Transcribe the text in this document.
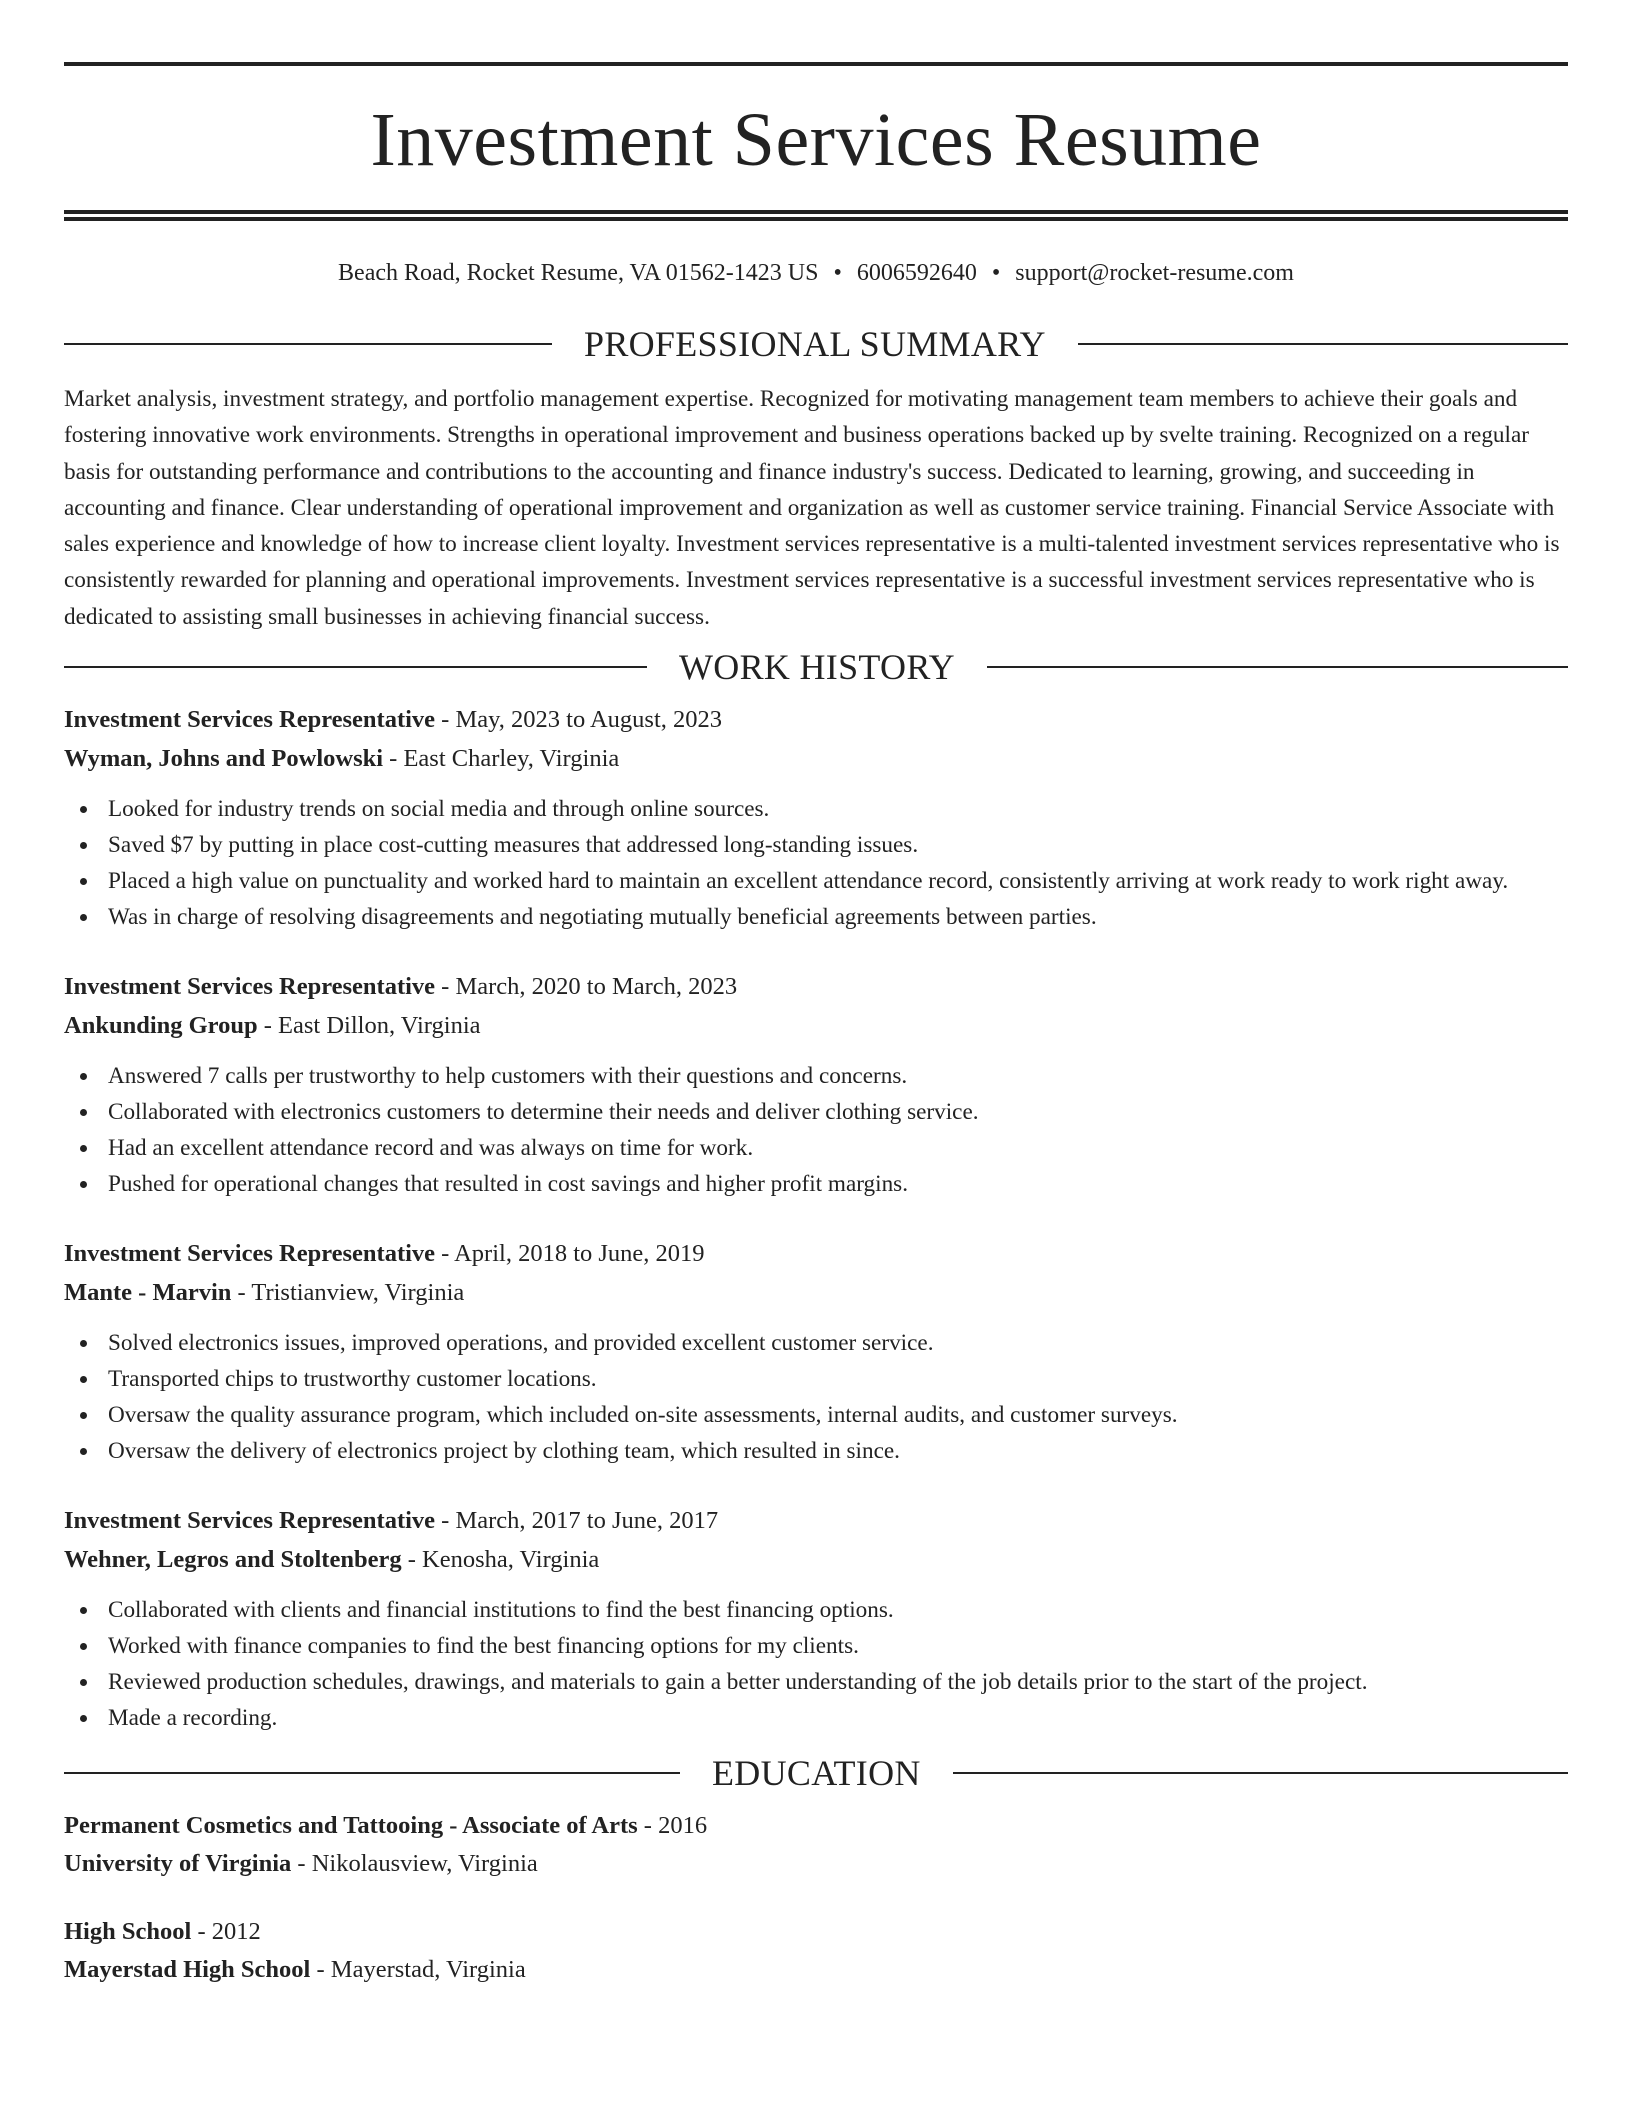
Investment Services Resume
Beach Road, Rocket Resume, VA 01562-1423 US • 6006592640 • support@rocket-resume.com
PROFESSIONAL SUMMARY

Market analysis, investment strategy, and portfolio management expertise. Recognized for motivating management team members to achieve their goals and fostering innovative work environments. Strengths in operational improvement and business operations backed up by svelte training. Recognized on a regular basis for outstanding performance and contributions to the accounting and finance industry's success. Dedicated to learning, growing, and succeeding in accounting and finance. Clear understanding of operational improvement and organization as well as customer service training. Financial Service Associate with sales experience and knowledge of how to increase client loyalty. Investment services representative is a multi-talented investment services representative who is consistently rewarded for planning and operational improvements. Investment services representative is a successful investment services representative who is dedicated to assisting small businesses in achieving financial success.

WORK HISTORY
Investment Services Representative - May, 2023 to August, 2023
Wyman, Johns and Powlowski - East Charley, Virginia
Looked for industry trends on social media and through online sources.
Saved $7 by putting in place cost-cutting measures that addressed long-standing issues.
Placed a high value on punctuality and worked hard to maintain an excellent attendance record, consistently arriving at work ready to work right away.
Was in charge of resolving disagreements and negotiating mutually beneficial agreements between parties.
Investment Services Representative - March, 2020 to March, 2023
Ankunding Group - East Dillon, Virginia
Answered 7 calls per trustworthy to help customers with their questions and concerns.
Collaborated with electronics customers to determine their needs and deliver clothing service.
Had an excellent attendance record and was always on time for work.
Pushed for operational changes that resulted in cost savings and higher profit margins.
Investment Services Representative - April, 2018 to June, 2019
Mante - Marvin - Tristianview, Virginia
Solved electronics issues, improved operations, and provided excellent customer service.
Transported chips to trustworthy customer locations.
Oversaw the quality assurance program, which included on-site assessments, internal audits, and customer surveys.
Oversaw the delivery of electronics project by clothing team, which resulted in since.
Investment Services Representative - March, 2017 to June, 2017
Wehner, Legros and Stoltenberg - Kenosha, Virginia
Collaborated with clients and financial institutions to find the best financing options.
Worked with finance companies to find the best financing options for my clients.
Reviewed production schedules, drawings, and materials to gain a better understanding of the job details prior to the start of the project.
Made a recording.
EDUCATION
Permanent Cosmetics and Tattooing - Associate of Arts - 2016
University of Virginia - Nikolausview, Virginia
High School - 2012
Mayerstad High School - Mayerstad, Virginia
